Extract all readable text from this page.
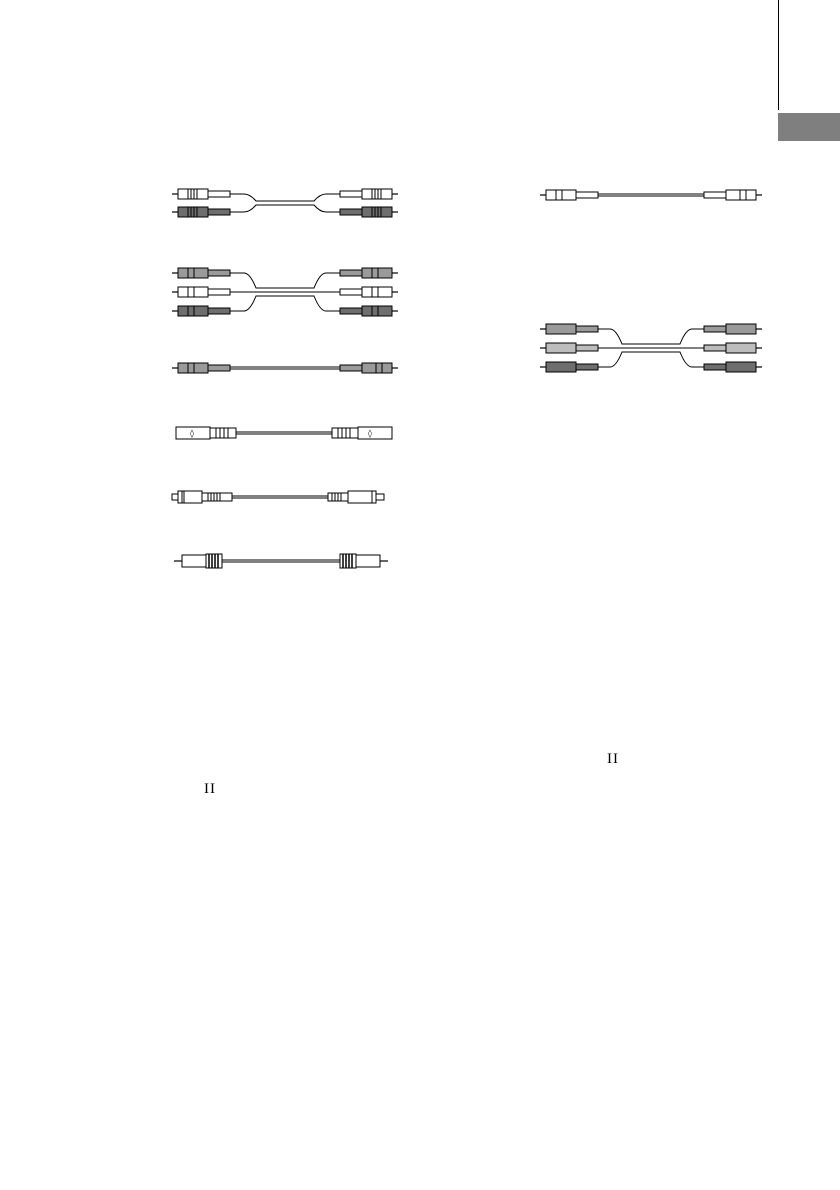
◊	◊
II
II
